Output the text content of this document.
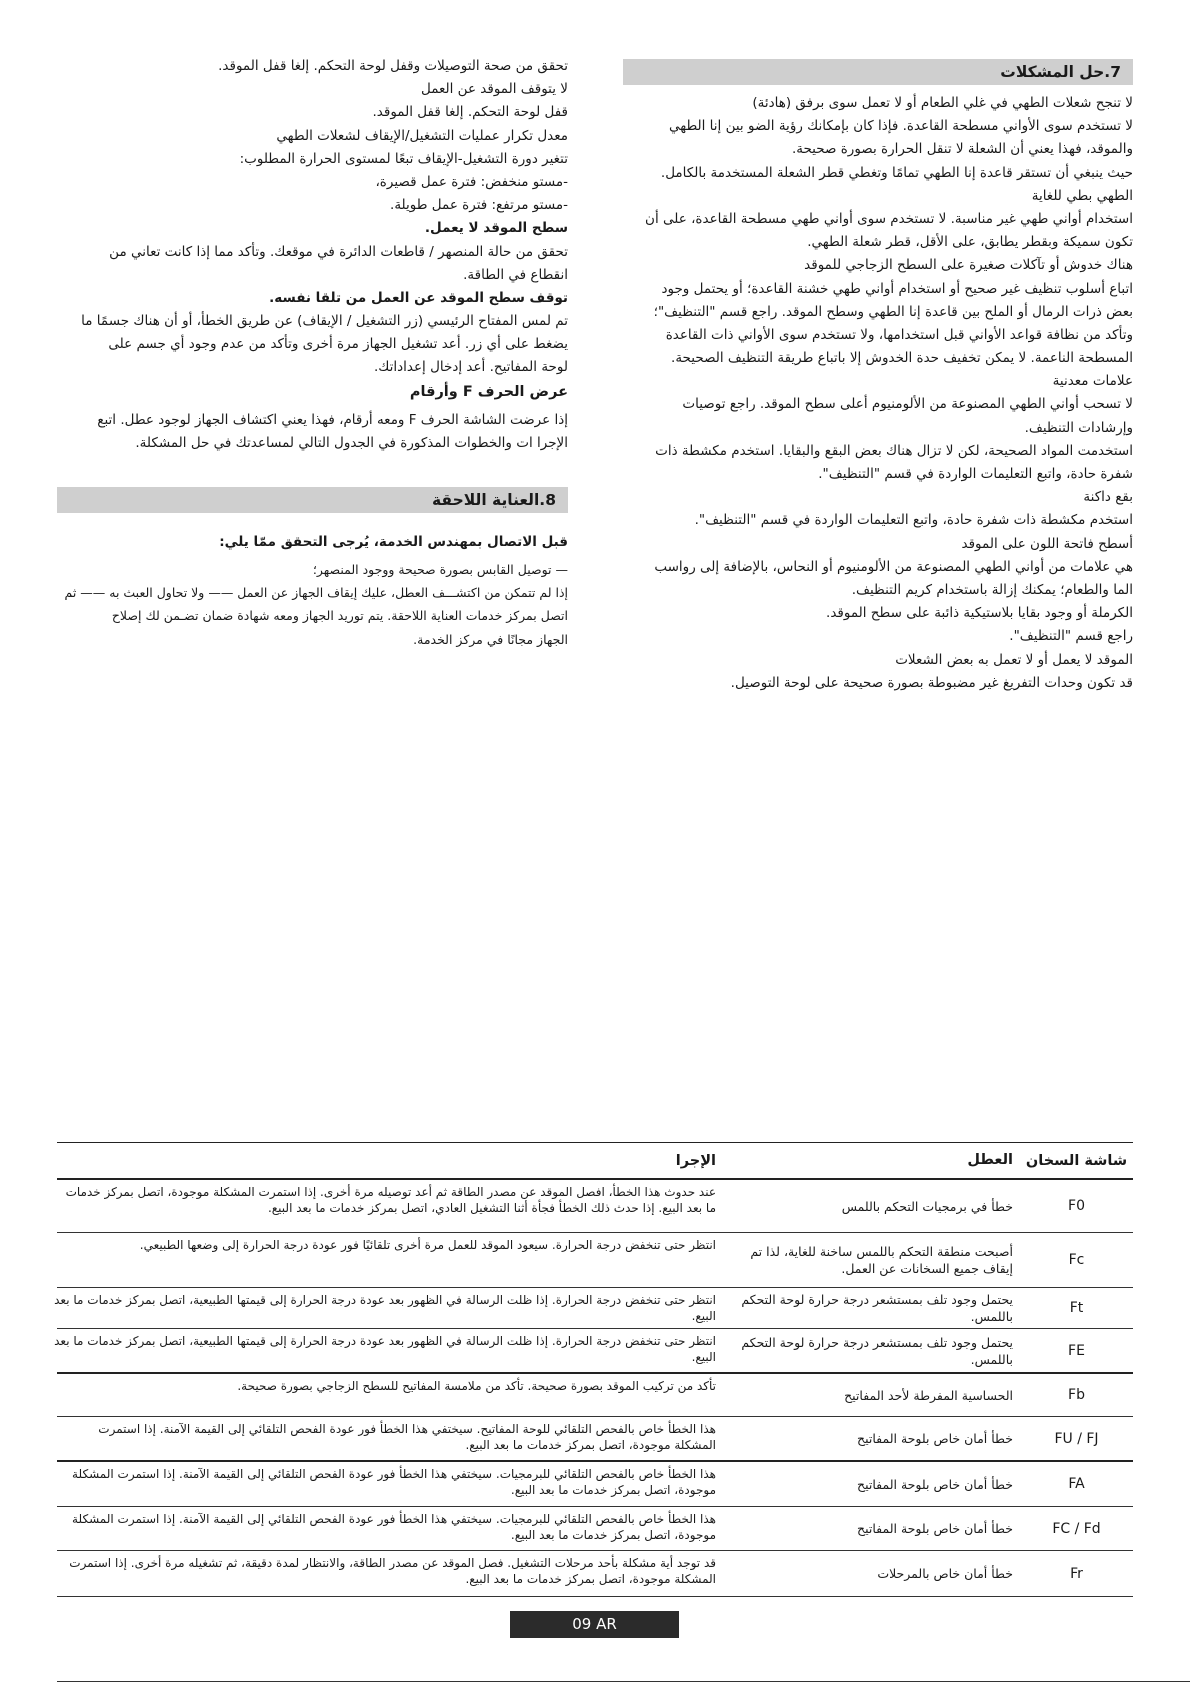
7.حل المشكلات
لا تنجح شعلات الطهي في غلي الطعام أو لا تعمل سوى برفق (هادئة)
لا تستخدم سوى الأواني مسطحة القاعدة. فإذا كان بإمكانك رؤية الضو بين إنا الطهي
والموقد، فهذا يعني أن الشعلة لا تنقل الحرارة بصورة صحيحة.
حيث ينبغي أن تستقر قاعدة إنا الطهي تمامًا وتغطي قطر الشعلة المستخدمة بالكامل.
الطهي بطي للغاية
استخدام أواني طهي غير مناسبة. لا تستخدم سوى أواني طهي مسطحة القاعدة، على أن
تكون سميكة وبقطر يطابق، على الأقل، قطر شعلة الطهي.
هناك خدوش أو تآكلات صغيرة على السطح الزجاجي للموقد
اتباع أسلوب تنظيف غير صحيح أو استخدام أواني طهي خشنة القاعدة؛ أو يحتمل وجود
بعض ذرات الرمال أو الملح بين قاعدة إنا الطهي وسطح الموقد. راجع قسم "التنظيف"؛
وتأكد من نظافة قواعد الأواني قبل استخدامها، ولا تستخدم سوى الأواني ذات القاعدة
المسطحة الناعمة. لا يمكن تخفيف حدة الخدوش إلا باتباع طريقة التنظيف الصحيحة.
علامات معدنية
لا تسحب أواني الطهي المصنوعة من الألومنيوم أعلى سطح الموقد. راجع توصيات
وإرشادات التنظيف.
استخدمت المواد الصحيحة، لكن لا تزال هناك بعض البقع والبقايا. استخدم مكشطة ذات
شفرة حادة، واتبع التعليمات الواردة في قسم "التنظيف".
بقع داكنة
استخدم مكشطة ذات شفرة حادة، واتبع التعليمات الواردة في قسم "التنظيف".
أسطح فاتحة اللون على الموقد
هي علامات من أواني الطهي المصنوعة من الألومنيوم أو النحاس، بالإضافة إلى رواسب
الما والطعام؛ يمكنك إزالة باستخدام كريم التنظيف.
الكرملة أو وجود بقايا بلاستيكية ذائبة على سطح الموقد.
راجع قسم "التنظيف".
الموقد لا يعمل أو لا تعمل به بعض الشعلات
قد تكون وحدات التفريغ غير مضبوطة بصورة صحيحة على لوحة التوصيل.
تحقق من صحة التوصيلات وقفل لوحة التحكم. إلغا قفل الموقد.
لا يتوقف الموقد عن العمل
قفل لوحة التحكم. إلغا قفل الموقد.
معدل تكرار عمليات التشغيل/الإيقاف لشعلات الطهي
تتغير دورة التشغيل-الإيقاف تبعًا لمستوى الحرارة المطلوب:
-مستو منخفض: فترة عمل قصيرة،
-مستو مرتفع: فترة عمل طويلة.
سطح الموقد لا يعمل.
تحقق من حالة المنصهر / قاطعات الدائرة في موقعك. وتأكد مما إذا كانت تعاني من
انقطاع في الطاقة.
توقف سطح الموقد عن العمل من تلقا نفسه.
تم لمس المفتاح الرئيسي (زر التشغيل / الإيقاف) عن طريق الخطأ، أو أن هناك جسمًا ما
يضغط على أي زر. أعد تشغيل الجهاز مرة أخرى وتأكد من عدم وجود أي جسم على
لوحة المفاتيح. أعد إدخال إعداداتك.
عرض الحرف F وأرقام
إذا عرضت الشاشة الحرف F ومعه أرقام، فهذا يعني اكتشاف الجهاز لوجود عطل. اتبع
الإجرا ات والخطوات المذكورة في الجدول التالي لمساعدتك في حل المشكلة.
8.العناية اللاحقة
قبل الاتصال بمهندس الخدمة، يُرجى التحقق ممّا يلي:
— توصيل القابس بصورة صحيحة ووجود المنصهر؛
إذا لم تتمكن من اكتشـــف العطل، عليك إيقاف الجهاز عن العمل —— ولا تحاول العبث به —— ثم
اتصل بمركز خدمات العناية اللاحقة. يتم توريد الجهاز ومعه شهادة ضمان تضـمن لك إصلاح
الجهاز مجانًا في مركز الخدمة.
شاشة السخان
العطل
الإجرا
F0
خطأ في برمجيات التحكم باللمس
عند حدوث هذا الخطأ، افصل الموقد عن مصدر الطاقة ثم أعد توصيله مرة أخرى. إذا استمرت المشكلة موجودة، اتصل بمركز خدمات ما بعد البيع. إذا حدث ذلك الخطأ فجأة أثنا التشغيل العادي، اتصل بمركز خدمات ما بعد البيع.
Fc
أصبحت منطقة التحكم باللمس ساخنة للغاية، لذا تم إيقاف جميع السخانات عن العمل.
انتظر حتى تنخفض درجة الحرارة. سيعود الموقد للعمل مرة أخرى تلقائيًا فور عودة درجة الحرارة إلى وضعها الطبيعي.
Ft
يحتمل وجود تلف بمستشعر درجة حرارة لوحة التحكم باللمس.
انتظر حتى تنخفض درجة الحرارة. إذا ظلت الرسالة في الظهور بعد عودة درجة الحرارة إلى قيمتها الطبيعية، اتصل بمركز خدمات ما بعد البيع.
FE
يحتمل وجود تلف بمستشعر درجة حرارة لوحة التحكم باللمس.
انتظر حتى تنخفض درجة الحرارة. إذا ظلت الرسالة في الظهور بعد عودة درجة الحرارة إلى قيمتها الطبيعية، اتصل بمركز خدمات ما بعد البيع.
Fb
الحساسية المفرطة لأحد المفاتيح
تأكد من تركيب الموقد بصورة صحيحة. تأكد من ملامسة المفاتيح للسطح الزجاجي بصورة صحيحة.
FU / FJ
خطأ أمان خاص بلوحة المفاتيح
هذا الخطأ خاص بالفحص التلقائي للوحة المفاتيح. سيختفي هذا الخطأ فور عودة الفحص التلقائي إلى القيمة الآمنة. إذا استمرت المشكلة موجودة، اتصل بمركز خدمات ما بعد البيع.
FA
خطأ أمان خاص بلوحة المفاتيح
هذا الخطأ خاص بالفحص التلقائي للبرمجيات. سيختفي هذا الخطأ فور عودة الفحص التلقائي إلى القيمة الآمنة. إذا استمرت المشكلة موجودة، اتصل بمركز خدمات ما بعد البيع.
FC / Fd
خطأ أمان خاص بلوحة المفاتيح
هذا الخطأ خاص بالفحص التلقائي للبرمجيات. سيختفي هذا الخطأ فور عودة الفحص التلقائي إلى القيمة الآمنة. إذا استمرت المشكلة موجودة، اتصل بمركز خدمات ما بعد البيع.
Fr
خطأ أمان خاص بالمرحلات
قد توجد أية مشكلة بأحد مرحلات التشغيل. فصل الموقد عن مصدر الطاقة، والانتظار لمدة دقيقة، ثم تشغيله مرة أخرى. إذا استمرت المشكلة موجودة، اتصل بمركز خدمات ما بعد البيع.
09 AR
